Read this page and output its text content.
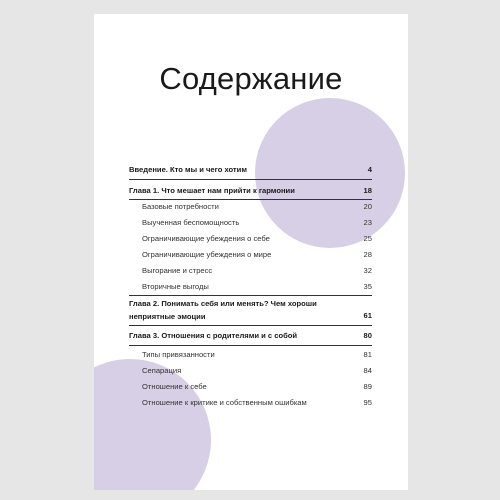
Содержание
Введение. Кто мы и чего хотим	4
Глава 1. Что мешает нам прийти к гармонии	18
Базовые потребности	20
Выученная беспомощность	23
Ограничивающие убеждения о себе	25
Ограничивающие убеждения о мире	28
Выгорание и стресс	32
Вторичные выгоды	35
Глава 2. Понимать себя или менять? Чем хороши неприятные эмоции	61
Глава 3. Отношения с родителями и с собой	80
Типы привязанности	81
Сепарация	84
Отношение к себе	89
Отношение к критике и собственным ошибкам	95
